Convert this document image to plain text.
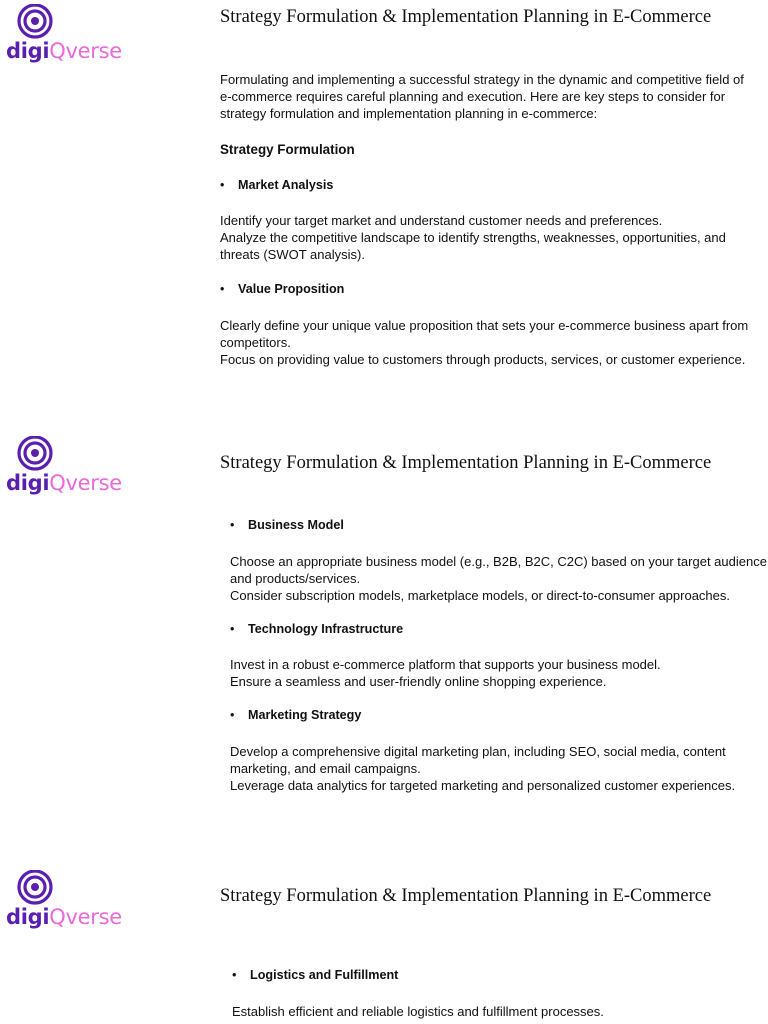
digiQverse
Strategy Formulation & Implementation Planning in E-Commerce
Formulating and implementing a successful strategy in the dynamic and competitive field of
e-commerce requires careful planning and execution. Here are key steps to consider for
strategy formulation and implementation planning in e-commerce:
Strategy Formulation
• Market Analysis
Identify your target market and understand customer needs and preferences.
Analyze the competitive landscape to identify strengths, weaknesses, opportunities, and
threats (SWOT analysis).
• Value Proposition
Clearly define your unique value proposition that sets your e-commerce business apart from
competitors.
Focus on providing value to customers through products, services, or customer experience.
digiQverse
Strategy Formulation & Implementation Planning in E-Commerce
• Business Model
Choose an appropriate business model (e.g., B2B, B2C, C2C) based on your target audience
and products/services.
Consider subscription models, marketplace models, or direct-to-consumer approaches.
• Technology Infrastructure
Invest in a robust e-commerce platform that supports your business model.
Ensure a seamless and user-friendly online shopping experience.
• Marketing Strategy
Develop a comprehensive digital marketing plan, including SEO, social media, content
marketing, and email campaigns.
Leverage data analytics for targeted marketing and personalized customer experiences.
digiQverse
Strategy Formulation & Implementation Planning in E-Commerce
• Logistics and Fulfillment
Establish efficient and reliable logistics and fulfillment processes.
